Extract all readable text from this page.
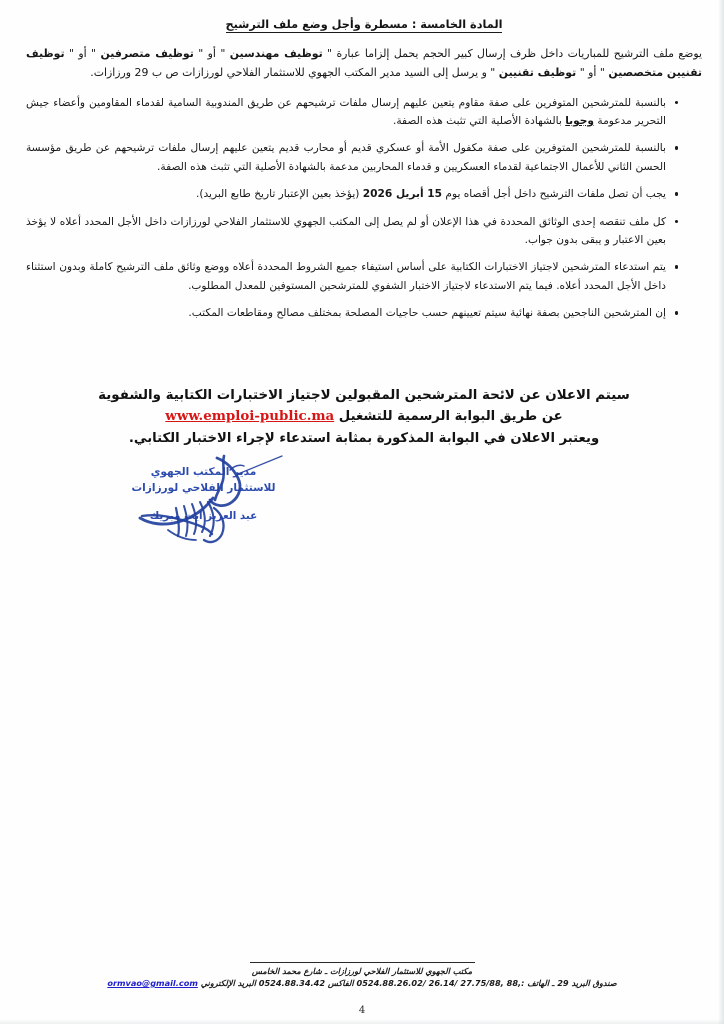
المادة الخامسة : مسطرة وأجل وضع ملف الترشيح

يوضع ملف الترشيح للمباريات داخل ظرف إرسال كبير الحجم يحمل إلزاما عبارة " توظيف مهندسين " أو " توظيف متصرفين " أو " توظيف تقنيين متخصصين " أو " توظيف تقنيين " و يرسل إلى السيد مدير المكتب الجهوي للاستثمار الفلاحي لورزازات ص ب 29 ورزازات.

بالنسبة للمترشحين المتوفرين على صفة مقاوم يتعين عليهم إرسال ملفات ترشيحهم عن طريق المندوبية السامية لقدماء المقاومين وأعضاء جيش التحرير مدعومة وجوبا بالشهادة الأصلية التي تثبث هذه الصفة.
بالنسبة للمترشحين المتوفرين على صفة مكفول الأمة أو عسكري قديم أو محارب قديم يتعين عليهم إرسال ملفات ترشيحهم عن طريق مؤسسة الحسن الثاني للأعمال الاجتماعية لقدماء العسكريين و قدماء المحاربين مدعمة بالشهادة الأصلية التي تثبث هذه الصفة.
يجب أن تصل ملفات الترشيح داخل أجل أقصاه يوم 15 أبريل 2026 (يؤخذ بعين الإعتبار تاريخ طابع البريد).
كل ملف تنقصه إحدى الوثائق المحددة في هذا الإعلان أو لم يصل إلى المكتب الجهوي للاستثمار الفلاحي لورزازات داخل الأجل المحدد أعلاه لا يؤخذ بعين الاعتبار و يبقى بدون جواب.
يتم استدعاء المترشحين لاجتياز الاختبارات الكتابية على أساس استيفاء جميع الشروط المحددة أعلاه ووضع وثائق ملف الترشيح كاملة وبدون استثناء داخل الأجل المحدد أعلاه. فيما يتم الاستدعاء لاجتياز الاختبار الشفوي للمترشحين المستوفين للمعدل المطلوب.
إن المترشحين الناجحين بصفة نهائية سيتم تعيينهم حسب حاجيات المصلحة بمختلف مصالح ومقاطعات المكتب.
سيتم الاعلان عن لائحة المترشحين المقبولين لاجتياز الاختبارات الكتابية والشفوية
عن طريق البوابة الرسمية للتشغيل www.emploi-public.ma
ويعتبر الاعلان في البوابة المذكورة بمثابة استدعاء لإجراء الاختبار الكتابي.
مدير المكتب الجهوي
للاستثمار الفلاحي لورزازات
عبد العزيز ايت مبريك
مكتب الجهوي للاستثمار الفلاحي لورزازات ـ شارع محمد الخامس
صندوق البريد 29 ـ الهاتف :0524.88.26.02/ 26.14/ 27.75/88, 88, الفاكس 0524.88.34.42 البريد الإلكتروني ormvao@gmail.com
4
